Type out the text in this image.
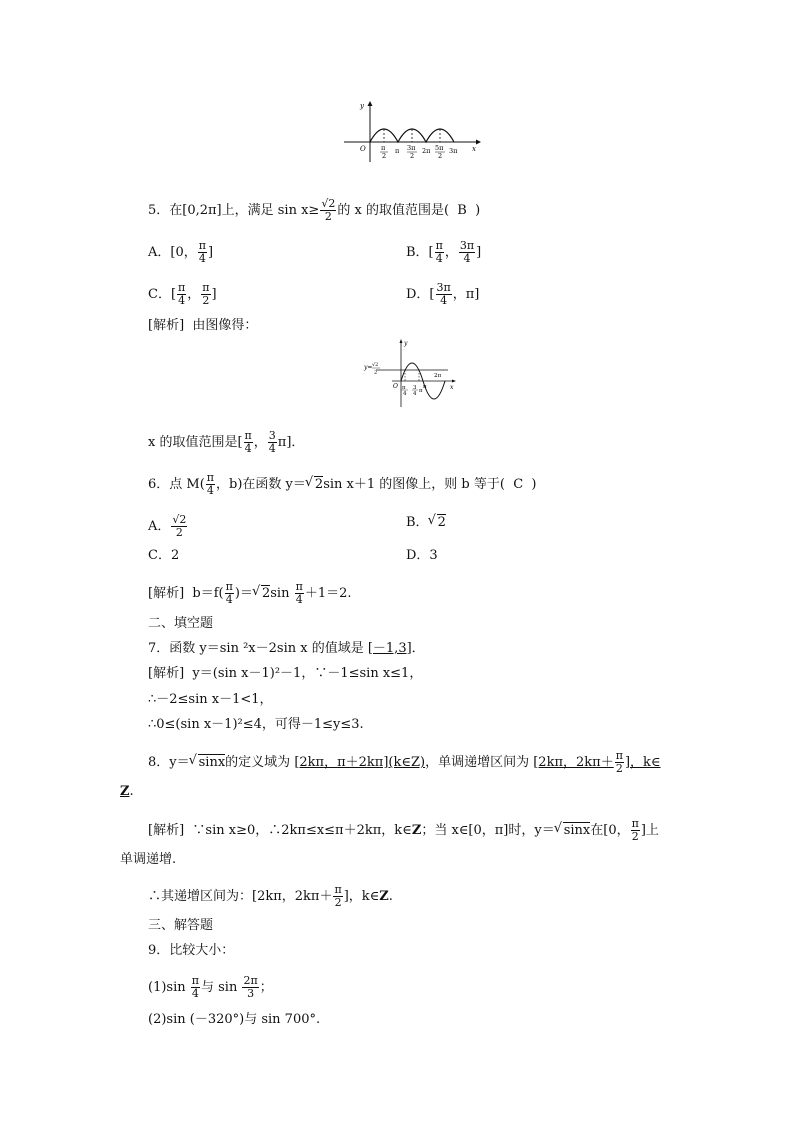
y
x
O π
2
π 3π
2
2π 5π
2
3π
5．在[0,2π]上，满足 $\sin x\ge \frac{√2}{2}$ 的 x 的取值范围是( B )
A．[0， $\frac{\pi}{4}$ ]	B．[ $\frac{\pi}{4}$ ， $\frac{3\pi}{4}$ ]
C．[ $\frac{\pi}{4}$ ， $\frac{\pi}{2}$ ]	D．[ $\frac{3\pi}{4}$ ，π]
[解析] 由图像得：
y
x
O
y= √2
2
π
4
3
4 π
π
2π
x 的取值范围是[ $\frac{\pi}{4}$ ， $\frac{3}{4} \pi$]．
6．点 $M( \frac{\pi}{4}$ ，b)在函数 y＝ √ 2sin x＋1 的图像上，则 b 等于( C )
A． $\frac{√2}{2}$	B． √ 2
C．2	D．3
[解析] $b=f( \frac{\pi}{4}$ )＝ √ $2\sin \frac{\pi}{4} +1=2$.
二、填空题
7．函数 y＝sin ²x－2sin x 的值域是 [－1,3]．
[解析] y＝(sin x－1)²－1，∵－1≤sin x≤1，
∴－2≤sin x－1<1，
∴0≤(sin x－1)²≤4，可得－1≤y≤3.
8．y＝ √ sinx的定义域为 [2kπ，π＋2kπ](k∈Z)，单调递增区间为 [2kπ，$2k\pi+ \frac{\pi}{2}$ ]，k∈
Z.
[解析] ∵sin x≥0，∴2kπ≤x≤π＋2kπ，k∈Z；当 x∈[0，π]时，y＝ √ sinx在[0， $\frac{\pi}{2}$ ]上
单调递增.
∴其递增区间为：[2kπ，$2k\pi+ \frac{\pi}{2}$ ]，k∈Z.
三、解答题
9．比较大小：
$(1)\sin \frac{\pi}{4}$ 与 $\sin \frac{2\pi}{3}$ ；
(2)sin (－320°)与 sin 700°.
